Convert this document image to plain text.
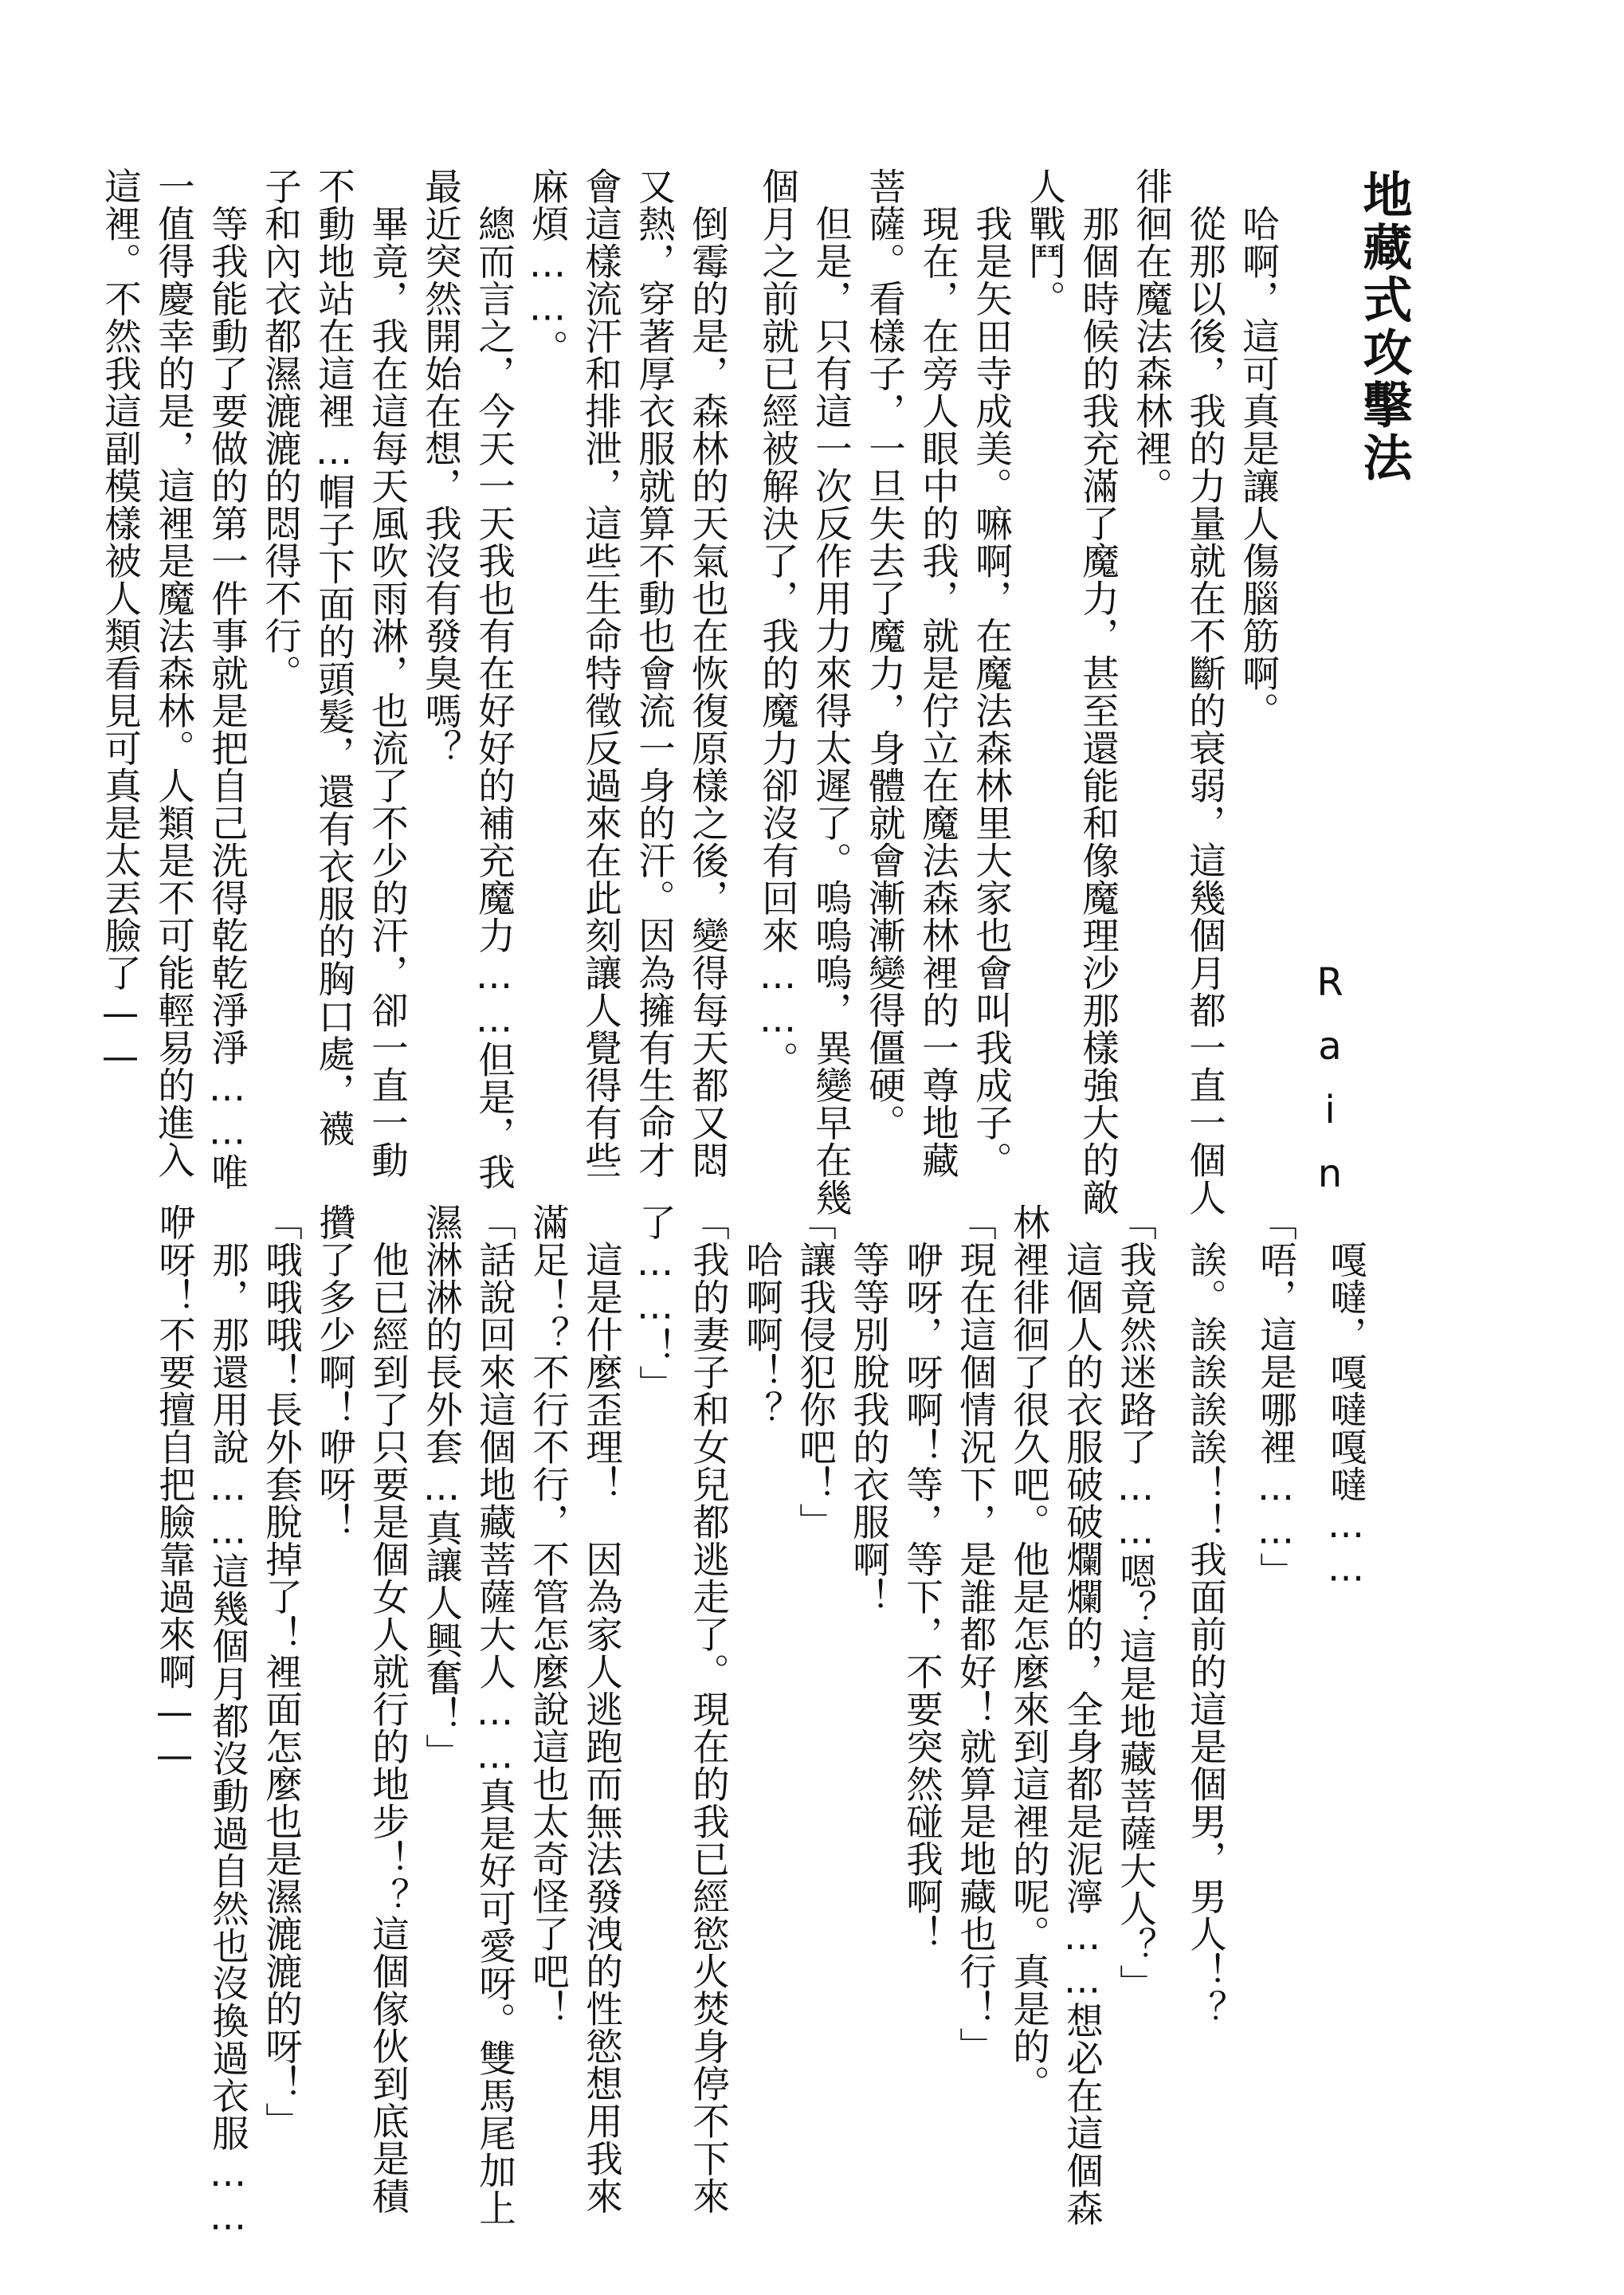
地藏式攻擊法
Rain
　哈啊，這可真是讓人傷腦筋啊。
　從那以後，我的力量就在不斷的衰弱，這幾個月都一直一個人
徘徊在魔法森林裡。
　那個時候的我充滿了魔力，甚至還能和像魔理沙那樣強大的敵
人戰鬥。
　我是矢田寺成美。嘛啊，在魔法森林里大家也會叫我成子。
　現在，在旁人眼中的我，就是佇立在魔法森林裡的一尊地藏
菩薩。看樣子，一旦失去了魔力，身體就會漸漸變得僵硬。
　但是，只有這一次反作用力來得太遲了。嗚嗚嗚，異變早在幾
個月之前就已經被解決了，我的魔力卻沒有回來……。
　倒霉的是，森林的天氣也在恢復原樣之後，變得每天都又悶
又熱，穿著厚衣服就算不動也會流一身的汗。因為擁有生命才
會這樣流汗和排泄，這些生命特徵反過來在此刻讓人覺得有些
麻煩……。
　總而言之，今天一天我也有在好好的補充魔力……但是，我
最近突然開始在想，我沒有發臭嗎？
　畢竟，我在這每天風吹雨淋，也流了不少的汗，卻一直一動
不動地站在這裡…帽子下面的頭髮，還有衣服的胸口處，襪
子和內衣都濕漉漉的悶得不行。
　等我能動了要做的第一件事就是把自己洗得乾乾淨淨……唯
一值得慶幸的是，這裡是魔法森林。人類是不可能輕易的進入
這裡。不然我這副模樣被人類看見可真是太丟臉了——
　嘎噠，嘎噠嘎噠……
「唔，這是哪裡……」
　誒。誒誒誒誒！！我面前的這是個男，男人！？
「我竟然迷路了……嗯？這是地藏菩薩大人？」
　這個人的衣服破破爛爛的，全身都是泥濘……想必在這個森
林裡徘徊了很久吧。他是怎麼來到這裡的呢。真是的。
「現在這個情況下，是誰都好！就算是地藏也行！」
　咿呀，呀啊！等，等下，不要突然碰我啊！
　等等別脫我的衣服啊！
「讓我侵犯你吧！」
　哈啊啊！？
「我的妻子和女兒都逃走了。現在的我已經慾火焚身停不下來
了……！」
　這是什麼歪理！　因為家人逃跑而無法發洩的性慾想用我來
滿足！？不行不行，不管怎麼說這也太奇怪了吧！
「話說回來這個地藏菩薩大人……真是好可愛呀。雙馬尾加上
濕淋淋的長外套…真讓人興奮！」
　他已經到了只要是個女人就行的地步！？這個傢伙到底是積
攢了多少啊！咿呀！
「哦哦哦！長外套脫掉了！裡面怎麼也是濕漉漉的呀！」
　那，那還用說……這幾個月都沒動過自然也沒換過衣服……
咿呀！不要擅自把臉靠過來啊——
